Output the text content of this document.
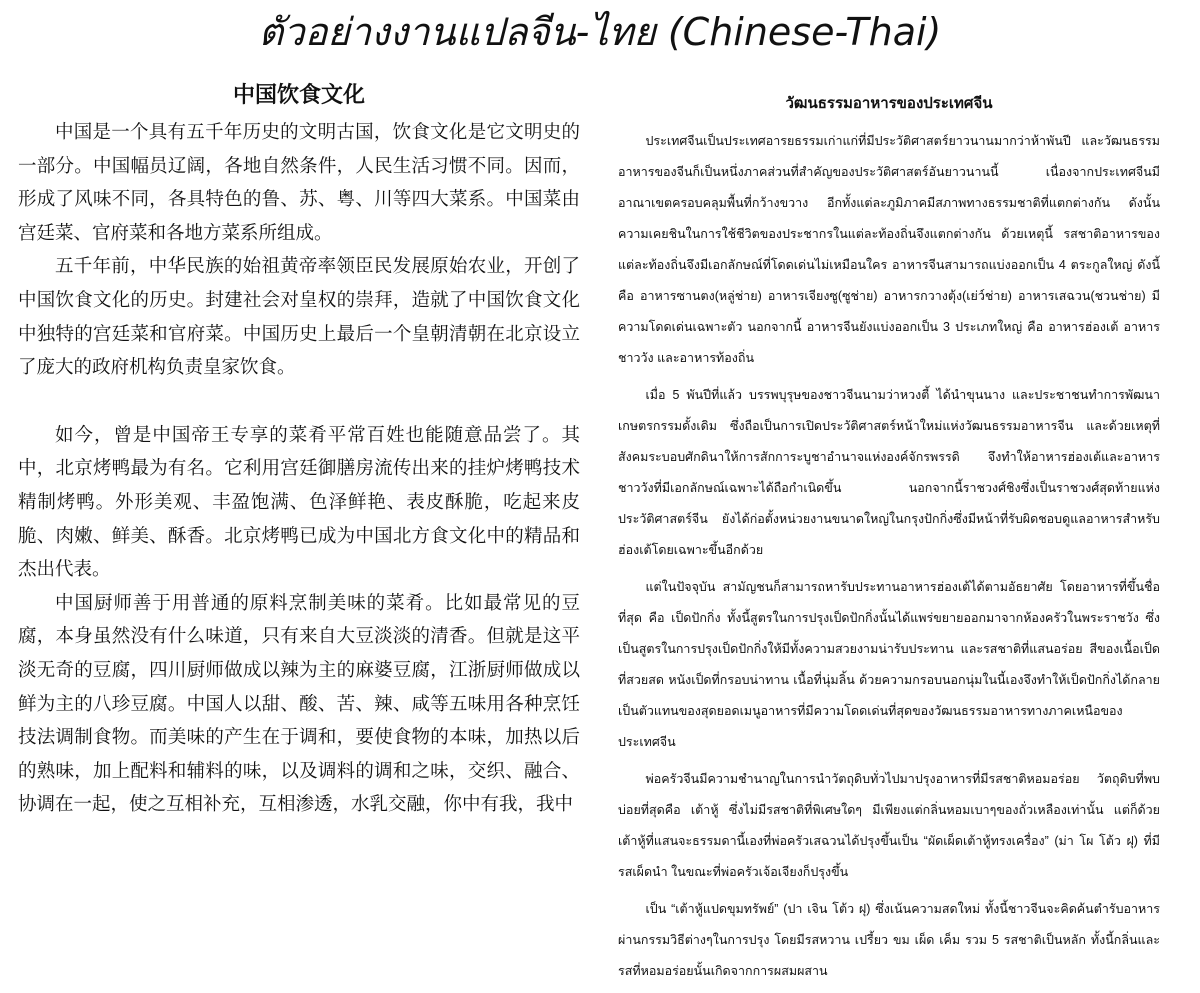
ตัวอย่างงานแปลจีน-ไทย (Chinese-Thai)
中国饮食文化

中国是一个具有五千年历史的文明古国，饮食文化是它文明史的一部分。中国幅员辽阔，各地自然条件，人民生活习惯不同。因而，形成了风味不同，各具特色的鲁、苏、粤、川等四大菜系。中国菜由宫廷菜、官府菜和各地方菜系所组成。

五千年前，中华民族的始祖黄帝率领臣民发展原始农业，开创了中国饮食文化的历史。封建社会对皇权的崇拜，造就了中国饮食文化中独特的宫廷菜和官府菜。中国历史上最后一个皇朝清朝在北京设立了庞大的政府机构负责皇家饮食。

如今，曾是中国帝王专享的菜肴平常百姓也能随意品尝了。其中，北京烤鸭最为有名。它利用宫廷御膳房流传出来的挂炉烤鸭技术精制烤鸭。外形美观、丰盈饱满、色泽鲜艳、表皮酥脆，吃起来皮脆、肉嫩、鲜美、酥香。北京烤鸭已成为中国北方食文化中的精品和杰出代表。

中国厨师善于用普通的原料烹制美味的菜肴。比如最常见的豆腐，本身虽然没有什么味道，只有来自大豆淡淡的清香。但就是这平淡无奇的豆腐，四川厨师做成以辣为主的麻婆豆腐，江浙厨师做成以鲜为主的八珍豆腐。中国人以甜、酸、苦、辣、咸等五味用各种烹饪技法调制食物。而美味的产生在于调和，要使食物的本味，加热以后的熟味，加上配料和辅料的味，以及调料的调和之味，交织、融合、协调在一起，使之互相补充，互相渗透，水乳交融，你中有我，我中

วัฒนธรรมอาหารของประเทศจีน

ประเทศจีนเป็นประเทศอารยธรรมเก่าแก่ที่มีประวัติศาสตร์ยาวนานมากว่าห้าพันปี และวัฒนธรรมอาหารของจีนก็เป็นหนึ่งภาคส่วนที่สำคัญของประวัติศาสตร์อันยาวนานนี้ เนื่องจากประเทศจีนมีอาณาเขตครอบคลุมพื้นที่กว้างขวาง อีกทั้งแต่ละภูมิภาคมีสภาพทางธรรมชาติที่แตกต่างกัน ดังนั้นความเคยชินในการใช้ชีวิตของประชากรในแต่ละท้องถิ่นจึงแตกต่างกัน ด้วยเหตุนี้ รสชาติอาหารของแต่ละท้องถิ่นจึงมีเอกลักษณ์ที่โดดเด่นไม่เหมือนใคร อาหารจีนสามารถแบ่งออกเป็น 4 ตระกูลใหญ่ ดังนี้ คือ อาหารซานตง(หลู่ช่าย) อาหารเจียงซู(ซูช่าย) อาหารกวางตุ้ง(เย่ว์ช่าย) อาหารเสฉวน(ชวนช่าย) มีความโดดเด่นเฉพาะตัว นอกจากนี้ อาหารจีนยังแบ่งออกเป็น 3 ประเภทใหญ่ คือ อาหารฮ่องเต้ อาหารชาววัง และอาหารท้องถิ่น

เมื่อ 5 พันปีที่แล้ว บรรพบุรุษของชาวจีนนามว่าหวงตี้ ได้นำขุนนาง และประชาชนทำการพัฒนาเกษตรกรรมดั้งเดิม ซึ่งถือเป็นการเปิดประวัติศาสตร์หน้าใหม่แห่งวัฒนธรรมอาหารจีน และด้วยเหตุที่สังคมระบอบศักดินาให้การสักการะบูชาอำนาจแห่งองค์จักรพรรดิ จึงทำให้อาหารฮ่องเต้และอาหารชาววังที่มีเอกลักษณ์เฉพาะได้ถือกำเนิดขึ้น นอกจากนี้ราชวงศ์ชิงซึ่งเป็นราชวงศ์สุดท้ายแห่งประวัติศาสตร์จีน ยังได้ก่อตั้งหน่วยงานขนาดใหญ่ในกรุงปักกิ่งซึ่งมีหน้าที่รับผิดชอบดูแลอาหารสำหรับฮ่องเต้โดยเฉพาะขึ้นอีกด้วย

แต่ในปัจจุบัน สามัญชนก็สามารถหารับประทานอาหารฮ่องเต้ได้ตามอัธยาศัย โดยอาหารที่ขึ้นชื่อที่สุด คือ เป็ดปักกิ่ง ทั้งนี้สูตรในการปรุงเป็ดปักกิ่งนั้นได้แพร่ขยายออกมาจากห้องครัวในพระราชวัง ซึ่งเป็นสูตรในการปรุงเป็ดปักกิ่งให้มีทั้งความสวยงามน่ารับประทาน และรสชาติที่แสนอร่อย สีของเนื้อเป็ดที่สวยสด หนังเป็ดที่กรอบน่าทาน เนื้อที่นุ่มลิ้น ด้วยความกรอบนอกนุ่มในนี้เองจึงทำให้เป็ดปักกิ่งได้กลายเป็นตัวแทนของสุดยอดเมนูอาหารที่มีความโดดเด่นที่สุดของวัฒนธรรมอาหารทางภาคเหนือของประเทศจีน

พ่อครัวจีนมีความชำนาญในการนำวัตถุดิบทั่วไปมาปรุงอาหารที่มีรสชาติหอมอร่อย วัตถุดิบที่พบบ่อยที่สุดคือ เต้าหู้ ซึ่งไม่มีรสชาติที่พิเศษใดๆ มีเพียงแต่กลิ่นหอมเบาๆของถั่วเหลืองเท่านั้น แต่ก็ด้วยเต้าหู้ที่แสนจะธรรมดานี้เองที่พ่อครัวเสฉวนได้ปรุงขึ้นเป็น “ผัดเผ็ดเต้าหู้ทรงเครื่อง” (ม่า โผ โต้ว ฝุ) ที่มีรสเผ็ดนำ ในขณะที่พ่อครัวเจ้อเจียงก็ปรุงขึ้น

เป็น “เต้าหู้แปดขุมทรัพย์” (ปา เจิน โต้ว ฝุ) ซึ่งเน้นความสดใหม่ ทั้งนี้ชาวจีนจะคิดค้นตำรับอาหาร ผ่านกรรมวิธีต่างๆในการปรุง โดยมีรสหวาน เปรี้ยว ขม เผ็ด เค็ม รวม 5 รสชาติเป็นหลัก ทั้งนี้กลิ่นและรสที่หอมอร่อยนั้นเกิดจากการผสมผสาน
